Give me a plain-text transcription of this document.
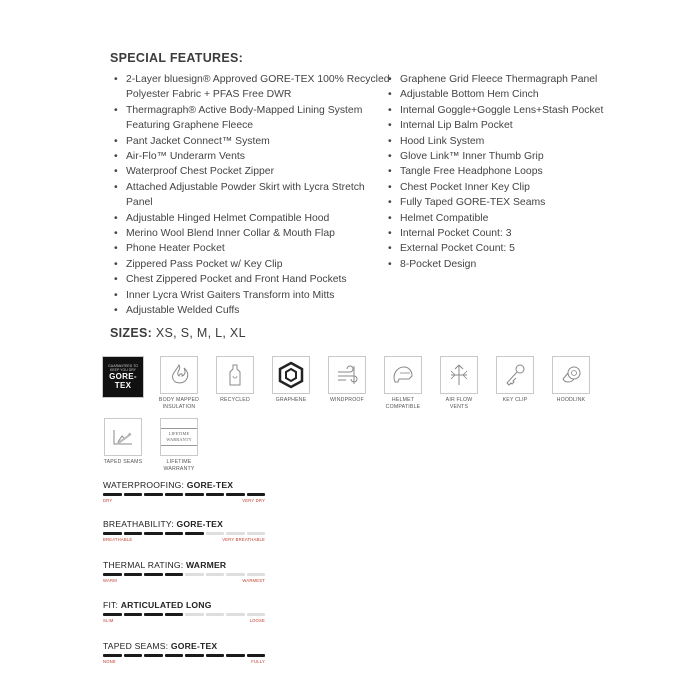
SPECIAL FEATURES:
• 2-Layer bluesign® Approved GORE-TEX 100% Recycled Polyester Fabric + PFAS Free DWR
• Thermagraph® Active Body-Mapped Lining System Featuring Graphene Fleece
• Pant Jacket Connect™ System
• Air-Flo™ Underarm Vents
• Waterproof Chest Pocket Zipper
• Attached Adjustable Powder Skirt with Lycra Stretch Panel
• Adjustable Hinged Helmet Compatible Hood
• Merino Wool Blend Inner Collar & Mouth Flap
• Phone Heater Pocket
• Zippered Pass Pocket w/ Key Clip
• Chest Zippered Pocket and Front Hand Pockets
• Inner Lycra Wrist Gaiters Transform into Mitts
• Adjustable Welded Cuffs
• Graphene Grid Fleece Thermagraph Panel
• Adjustable Bottom Hem Cinch
• Internal Goggle+Goggle Lens+Stash Pocket
• Internal Lip Balm Pocket
• Hood Link System
• Glove Link™ Inner Thumb Grip
• Tangle Free Headphone Loops
• Chest Pocket Inner Key Clip
• Fully Taped GORE-TEX Seams
• Helmet Compatible
• Internal Pocket Count: 3
• External Pocket Count: 5
• 8-Pocket Design
SIZES: XS, S, M, L, XL
GUARANTEED TO KEEP YOU DRY
GORE-TEX
BODY MAPPED INSULATION
RECYCLED	GRAPHENE	WINDPROOF	HELMET COMPATIBLE
AIR FLOW VENTS
KEY CLIP	HOODLINK
TAPED SEAMS
LIFETIME WARRANTY
LIFETIME WARRANTY
WATERPROOFING: GORE-TEX
DRY	VERY DRY
BREATHABILITY: GORE-TEX
BREATHABLE	VERY BREATHABLE
THERMAL RATING: WARMER
WARM	WARMEST
FIT: ARTICULATED LONG
SLIM	LOOSE
TAPED SEAMS: GORE-TEX
NONE	FULLY
